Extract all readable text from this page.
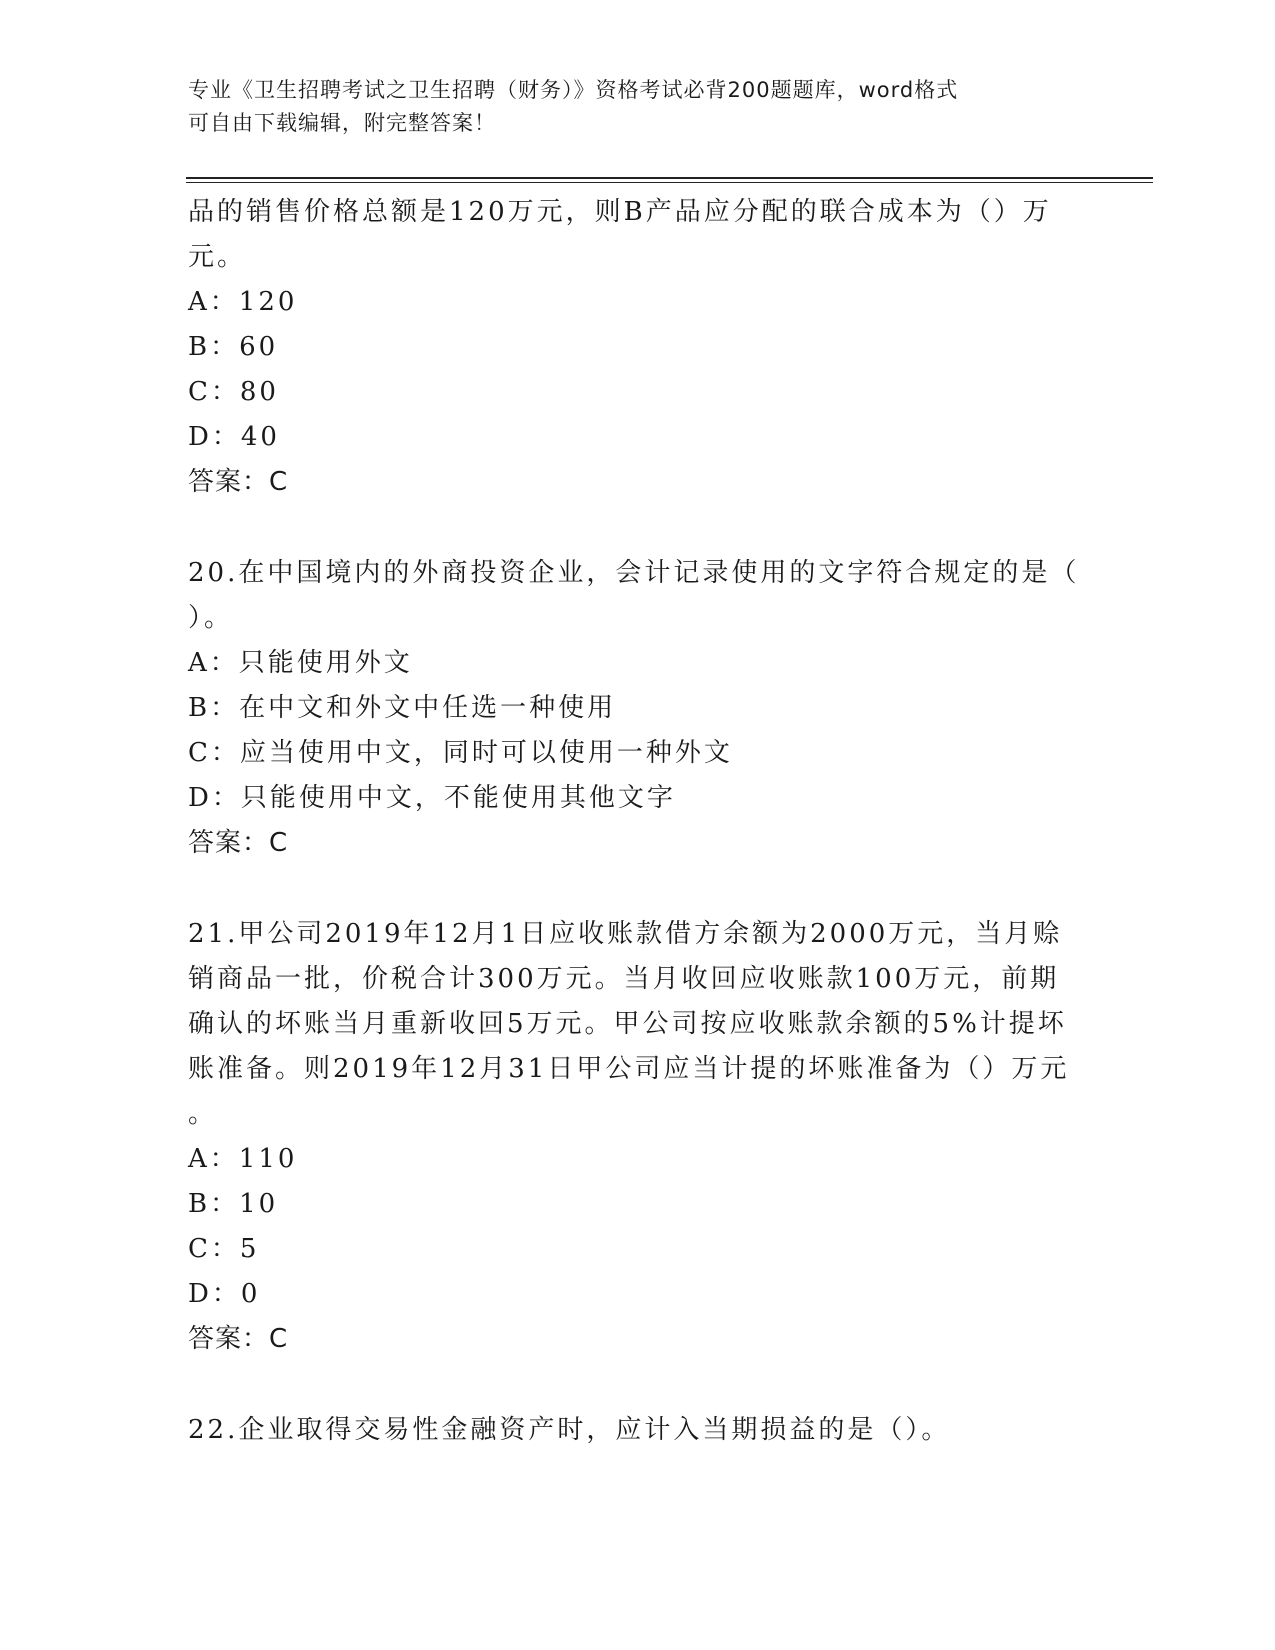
专业《卫生招聘考试之卫生招聘（财务）》资格考试必背200题题库，word格式
可自由下载编辑，附完整答案！
品的销售价格总额是120万元，则B产品应分配的联合成本为（）万
元。
A：120
B：60
C：80
D：40
答案：C
20.在中国境内的外商投资企业，会计记录使用的文字符合规定的是（
）。
A：只能使用外文
B：在中文和外文中任选一种使用
C：应当使用中文，同时可以使用一种外文
D：只能使用中文，不能使用其他文字
答案：C
21.甲公司2019年12月1日应收账款借方余额为2000万元，当月赊
销商品一批，价税合计300万元。当月收回应收账款100万元，前期
确认的坏账当月重新收回5万元。甲公司按应收账款余额的5%计提坏
账准备。则2019年12月31日甲公司应当计提的坏账准备为（）万元
。
A：110
B：10
C：5
D：0
答案：C
22.企业取得交易性金融资产时，应计入当期损益的是（）。
